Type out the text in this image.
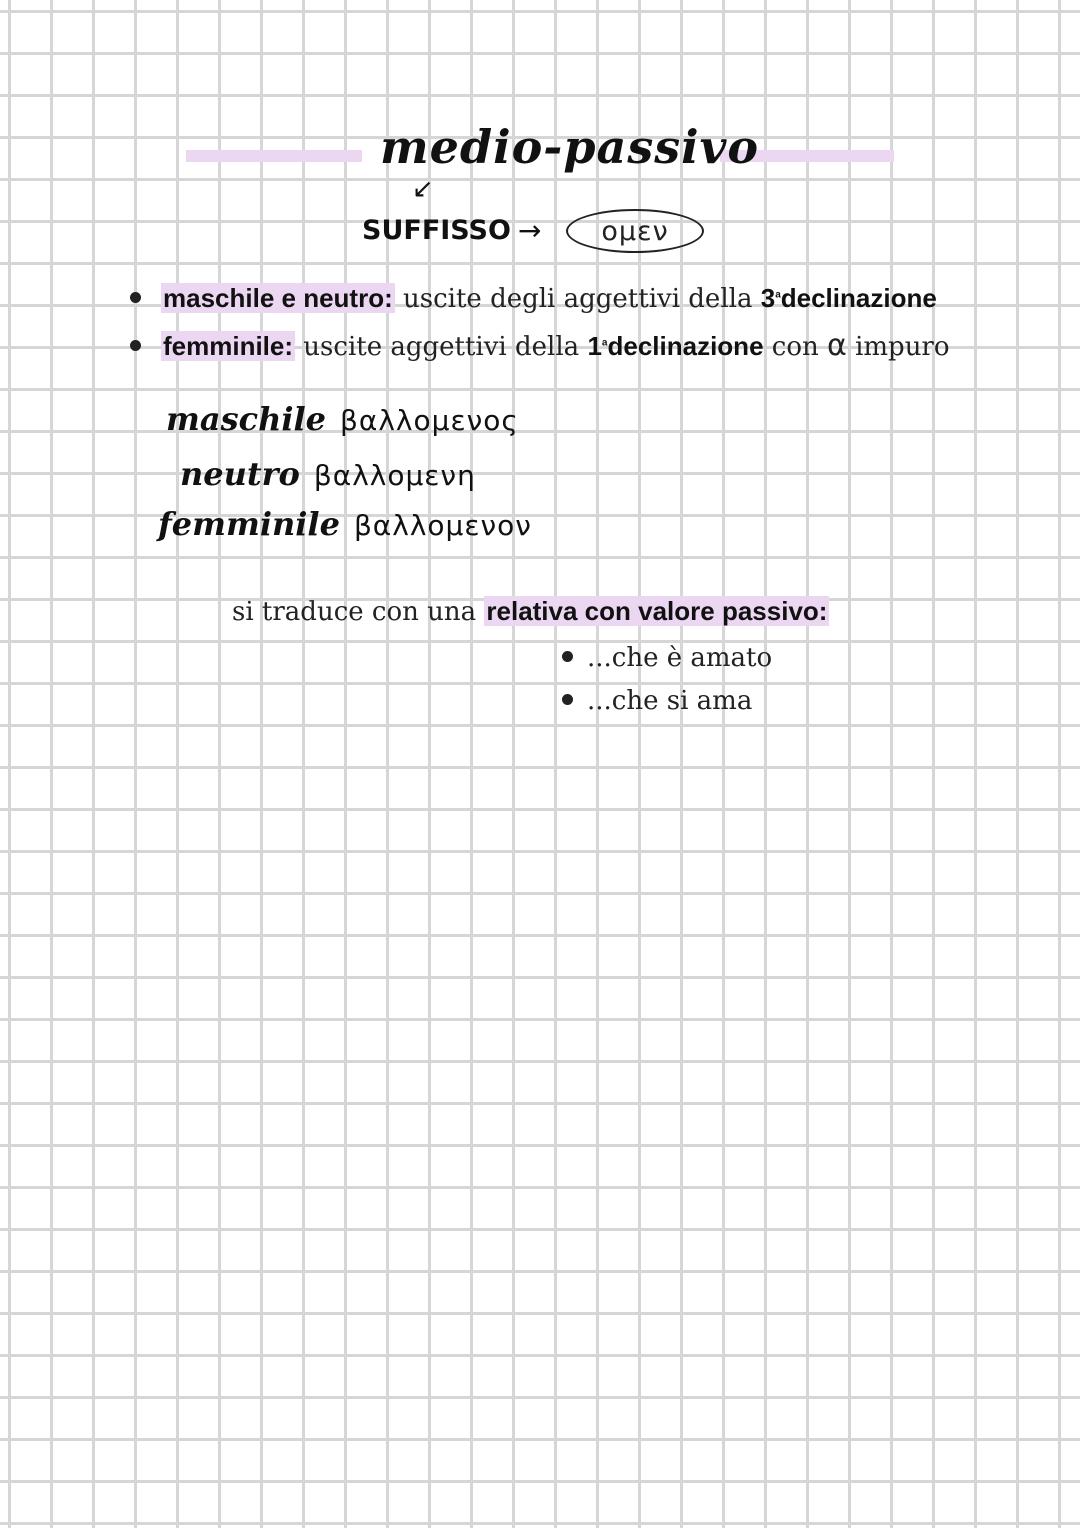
medio-passivo
↙
SUFFISSO → ομεν
maschile e neutro: uscite degli aggettivi della 3$^a$declinazione
femminile: uscite aggettivi della 1$^a$declinazione con α impuro
maschile βαλλομενος
neutro βαλλομενη
femminile βαλλομενον
si traduce con una relativa con valore passivo:
...che è amato
...che si ama
